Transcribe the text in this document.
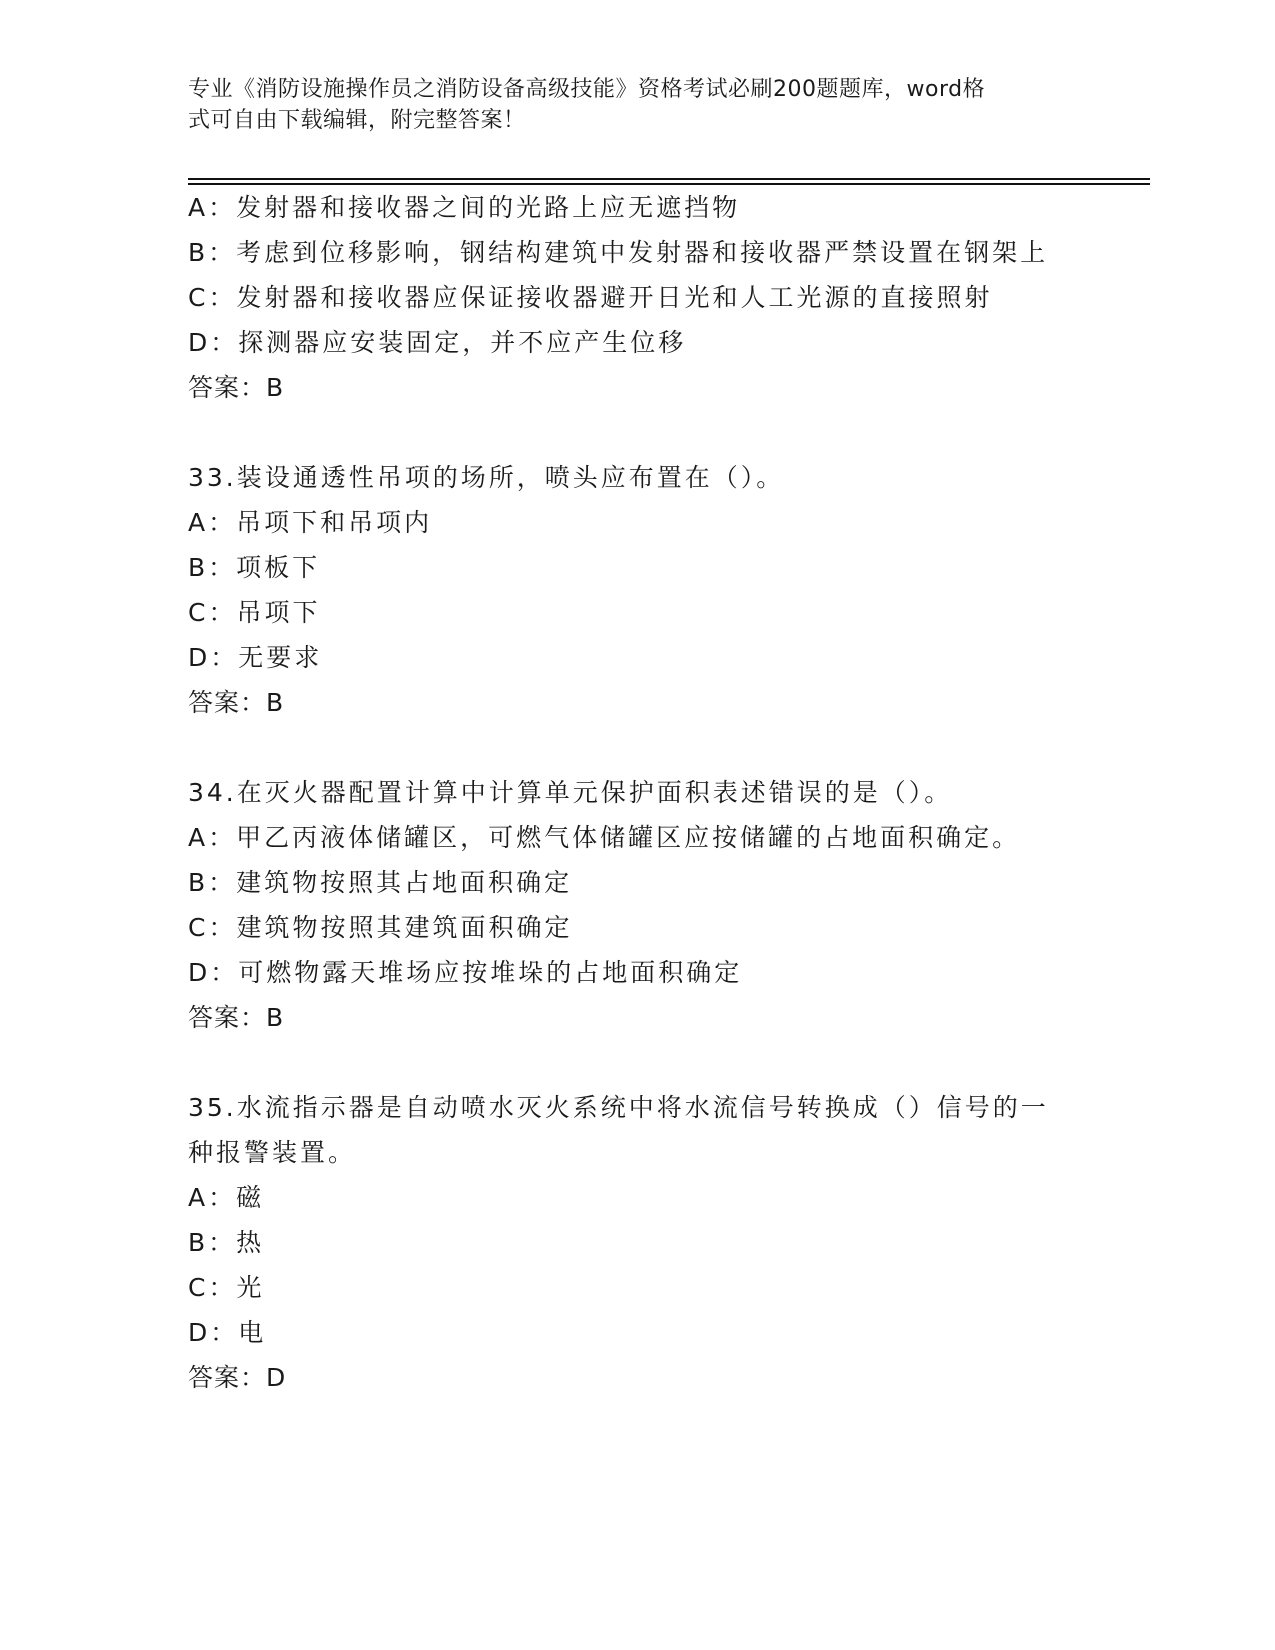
专业《消防设施操作员之消防设备高级技能》资格考试必刷200题题库，word格
式可自由下载编辑，附完整答案！
A：发射器和接收器之间的光路上应无遮挡物
B：考虑到位移影响，钢结构建筑中发射器和接收器严禁设置在钢架上
C：发射器和接收器应保证接收器避开日光和人工光源的直接照射
D：探测器应安装固定，并不应产生位移
答案：B
33.装设通透性吊项的场所，喷头应布置在（）。
A：吊项下和吊项内
B：项板下
C：吊项下
D：无要求
答案：B
34.在灭火器配置计算中计算单元保护面积表述错误的是（）。
A：甲乙丙液体储罐区，可燃气体储罐区应按储罐的占地面积确定。
B：建筑物按照其占地面积确定
C：建筑物按照其建筑面积确定
D：可燃物露天堆场应按堆垛的占地面积确定
答案：B
35.水流指示器是自动喷水灭火系统中将水流信号转换成（）信号的一
种报警装置。
A：磁
B：热
C：光
D：电
答案：D
